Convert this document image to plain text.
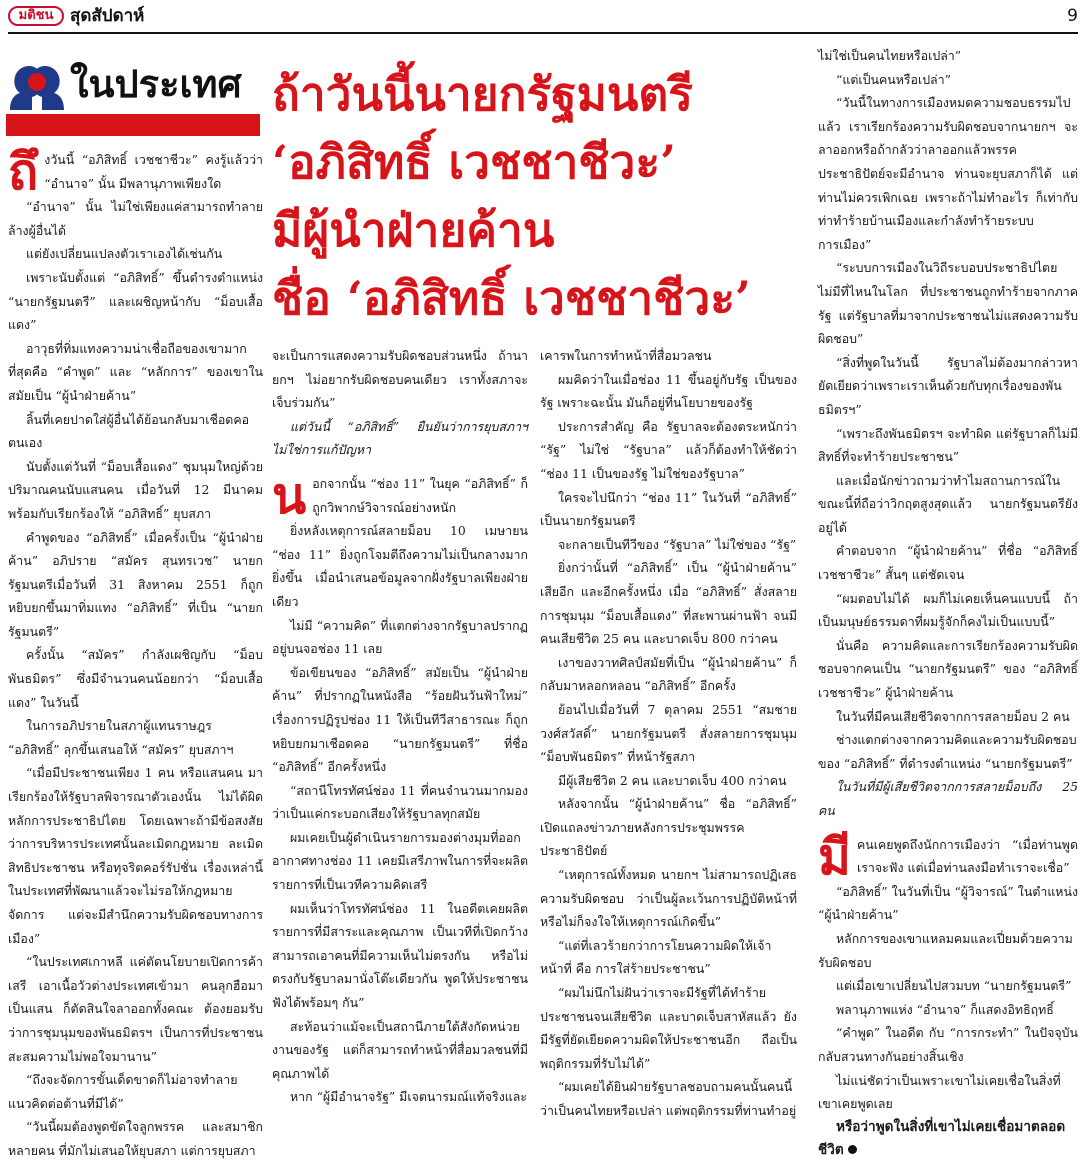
มติชน สุดสัปดาห์	9
ในประเทศ ถ้าวันนี้นายกรัฐมนตรี
‘อภิสิทธิ์ เวชชาชีวะ’
มีผู้นำฝ่ายค้าน
ชื่อ ‘อภิสิทธิ์ เวชชาชีวะ’

ถึงวันนี้ “อภิสิทธิ์ เวชชาชีวะ” คงรู้แล้วว่า “อำนาจ” นั้น มีพลานุภาพเพียงใด

“อำนาจ” นั้น ไม่ใช่เพียงแค่สามารถทำลายล้างผู้อื่นได้

แต่ยังเปลี่ยนแปลงตัวเราเองได้เช่นกัน

เพราะนับตั้งแต่ “อภิสิทธิ์” ขึ้นดำรงตำแหน่ง “นายกรัฐมนตรี” และเผชิญหน้ากับ “ม็อบเสื้อแดง”

อาวุธที่ทิ่มแทงความน่าเชื่อถือของเขามากที่สุดคือ “คำพูด” และ “หลักการ” ของเขาในสมัยเป็น “ผู้นำฝ่ายค้าน”

ลิ้นที่เคยปาดใส่ผู้อื่นได้ย้อนกลับมาเชือดคอตนเอง

นับตั้งแต่วันที่ “ม็อบเสื้อแดง” ชุมนุมใหญ่ด้วยปริมาณคนนับแสนคน เมื่อวันที่ 12 มีนาคม พร้อมกับเรียกร้องให้ “อภิสิทธิ์” ยุบสภา

คำพูดของ “อภิสิทธิ์” เมื่อครั้งเป็น “ผู้นำฝ่ายค้าน” อภิปราย “สมัคร สุนทรเวช” นายกรัฐมนตรีเมื่อวันที่ 31 สิงหาคม 2551 ก็ถูกหยิบยกขึ้นมาทิ่มแทง “อภิสิทธิ์” ที่เป็น “นายกรัฐมนตรี”

ครั้งนั้น “สมัคร” กำลังเผชิญกับ “ม็อบพันธมิตร” ซึ่งมีจำนวนคนน้อยกว่า “ม็อบเสื้อแดง” ในวันนี้

ในการอภิปรายในสภาผู้แทนราษฎร “อภิสิทธิ์” ลุกขึ้นเสนอให้ “สมัคร” ยุบสภาฯ

“เมื่อมีประชาชนเพียง 1 คน หรือแสนคน มาเรียกร้องให้รัฐบาลพิจารณาตัวเองนั้น ไม่ได้ผิดหลักการประชาธิปไตย โดยเฉพาะถ้ามีข้อสงสัยว่าการบริหารประเทศนั้นละเมิดกฎหมาย ละเมิดสิทธิประชาชน หรือทุจริตคอร์รัปชั่น เรื่องเหล่านี้ในประเทศที่พัฒนาแล้วจะไม่รอให้กฎหมายจัดการ แต่จะมีสำนึกความรับผิดชอบทางการเมือง”

“ในประเทศเกาหลี แค่ตัดนโยบายเปิดการค้าเสรี เอาเนื้อวัวต่างประเทศเข้ามา คนลุกฮือมาเป็นแสน ก็ตัดสินใจลาออกทั้งคณะ ต้องยอมรับว่าการชุมนุมของพันธมิตรฯ เป็นการที่ประชาชนสะสมความไม่พอใจมานาน”

“ถึงจะจัดการขั้นเด็ดขาดก็ไม่อาจทำลายแนวคิดต่อต้านที่มีได้”

“วันนี้ผมต้องพูดขัดใจลูกพรรค และสมาชิกหลายคน ที่มักไม่เสนอให้ยุบสภา แต่การยุบสภา

จะเป็นการแสดงความรับผิดชอบส่วนหนึ่ง ถ้านายกฯ ไม่อยากรับผิดชอบคนเดียว เราทั้งสภาจะเจ็บร่วมกัน”

แต่วันนี้ “อภิสิทธิ์” ยืนยันว่าการยุบสภาฯ ไม่ใช่การแก้ปัญหา

นอกจากนั้น “ช่อง 11” ในยุค “อภิสิทธิ์” ก็ถูกวิพากษ์วิจารณ์อย่างหนัก

ยิ่งหลังเหตุการณ์สลายม็อบ 10 เมษายน “ช่อง 11” ยิ่งถูกโจมตีถึงความไม่เป็นกลางมากยิ่งขึ้น เมื่อนำเสนอข้อมูลจากฝั่งรัฐบาลเพียงฝ่ายเดียว

ไม่มี “ความคิด” ที่แตกต่างจากรัฐบาลปรากฏอยู่บนจอช่อง 11 เลย

ข้อเขียนของ “อภิสิทธิ์” สมัยเป็น “ผู้นำฝ่ายค้าน” ที่ปรากฏในหนังสือ “ร้อยฝันวันฟ้าใหม่” เรื่องการปฏิรูปช่อง 11 ให้เป็นทีวีสาธารณะ ก็ถูกหยิบยกมาเชือดคอ “นายกรัฐมนตรี” ที่ชื่อ “อภิสิทธิ์” อีกครั้งหนึ่ง

“สถานีโทรทัศน์ช่อง 11 ที่คนจำนวนมากมองว่าเป็นแค่กระบอกเสียงให้รัฐบาลทุกสมัย

ผมเคยเป็นผู้ดำเนินรายการมองต่างมุมที่ออกอากาศทางช่อง 11 เคยมีเสรีภาพในการที่จะผลิตรายการที่เป็นเวทีความคิดเสรี

ผมเห็นว่าโทรทัศน์ช่อง 11 ในอดีตเคยผลิตรายการที่มีสาระและคุณภาพ เป็นเวทีที่เปิดกว้างสามารถเอาคนที่มีความเห็นไม่ตรงกัน หรือไม่ตรงกับรัฐบาลมานั่งโต๊ะเดียวกัน พูดให้ประชาชนฟังได้พร้อมๆ กัน”

สะท้อนว่าแม้จะเป็นสถานีภายใต้สังกัดหน่วยงานของรัฐ แต่ก็สามารถทำหน้าที่สื่อมวลชนที่มีคุณภาพได้

หาก “ผู้มีอำนาจรัฐ” มีเจตนารมณ์แท้จริงและ

เคารพในการทำหน้าที่สื่อมวลชน

ผมคิดว่าในเมื่อช่อง 11 ขึ้นอยู่กับรัฐ เป็นของรัฐ เพราะฉะนั้น มันก็อยู่ที่นโยบายของรัฐ

ประการสำคัญ คือ รัฐบาลจะต้องตระหนักว่า “รัฐ” ไม่ใช่ “รัฐบาล” แล้วก็ต้องทำให้ชัดว่า “ช่อง 11 เป็นของรัฐ ไม่ใช่ของรัฐบาล”

ใครจะไปนึกว่า “ช่อง 11” ในวันที่ “อภิสิทธิ์” เป็นนายกรัฐมนตรี

จะกลายเป็นทีวีของ “รัฐบาล” ไม่ใช่ของ “รัฐ”

ยิ่งกว่านั้นที่ “อภิสิทธิ์” เป็น “ผู้นำฝ่ายค้าน” เสียอีก และอีกครั้งหนึ่ง เมื่อ “อภิสิทธิ์” สั่งสลายการชุมนุม “ม็อบเสื้อแดง” ที่สะพานผ่านฟ้า จนมีคนเสียชีวิต 25 คน และบาดเจ็บ 800 กว่าคน

เงาของวาทศิลป์สมัยที่เป็น “ผู้นำฝ่ายค้าน” ก็กลับมาหลอกหลอน “อภิสิทธิ์” อีกครั้ง

ย้อนไปเมื่อวันที่ 7 ตุลาคม 2551 “สมชาย วงศ์สวัสดิ์” นายกรัฐมนตรี สั่งสลายการชุมนุม “ม็อบพันธมิตร” ที่หน้ารัฐสภา

มีผู้เสียชีวิต 2 คน และบาดเจ็บ 400 กว่าคน

หลังจากนั้น “ผู้นำฝ่ายค้าน” ชื่อ “อภิสิทธิ์” เปิดแถลงข่าวภายหลังการประชุมพรรคประชาธิปัตย์

“เหตุการณ์ทั้งหมด นายกฯ ไม่สามารถปฏิเสธความรับผิดชอบ ว่าเป็นผู้ละเว้นการปฏิบัติหน้าที่ หรือไม่ก็จงใจให้เหตุการณ์เกิดขึ้น”

“แต่ที่เลวร้ายกว่าการโยนความผิดให้เจ้าหน้าที่ คือ การใส่ร้ายประชาชน”

“ผมไม่นึกไม่ฝันว่าเราจะมีรัฐที่ได้ทำร้ายประชาชนจนเสียชีวิต และบาดเจ็บสาหัสแล้ว ยังมีรัฐที่ยัดเยียดความผิดให้ประชาชนอีก ถือเป็นพฤติกรรมที่รับไม่ได้”

“ผมเคยได้ยินฝ่ายรัฐบาลชอบถามคนนั้นคนนี้ว่าเป็นคนไทยหรือเปล่า แต่พฤติกรรมที่ท่านทำอยู่

ไม่ใช่เป็นคนไทยหรือเปล่า”

“แต่เป็นคนหรือเปล่า”

“วันนี้ในทางการเมืองหมดความชอบธรรมไปแล้ว เราเรียกร้องความรับผิดชอบจากนายกฯ จะลาออกหรือถ้ากลัวว่าลาออกแล้วพรรคประชาธิปัตย์จะมีอำนาจ ท่านจะยุบสภาก็ได้ แต่ท่านไม่ควรเพิกเฉย เพราะถ้าไม่ทำอะไร ก็เท่ากับท่าทำร้ายบ้านเมืองและกำลังทำร้ายระบบการเมือง”

“ระบบการเมืองในวิถีระบอบประชาธิปไตยไม่มีที่ไหนในโลก ที่ประชาชนถูกทำร้ายจากภาครัฐ แต่รัฐบาลที่มาจากประชาชนไม่แสดงความรับผิดชอบ”

“สิ่งที่พูดในวันนี้ รัฐบาลไม่ต้องมากล่าวหายัดเยียดว่าเพราะเราเห็นด้วยกับทุกเรื่องของพันธมิตรฯ”

“เพราะถึงพันธมิตรฯ จะทำผิด แต่รัฐบาลก็ไม่มีสิทธิ์ที่จะทำร้ายประชาชน”

และเมื่อนักข่าวถามว่าทำไมสถานการณ์ในขณะนี้ที่ถือว่าวิกฤตสูงสุดแล้ว นายกรัฐมนตรียังอยู่ได้

คำตอบจาก “ผู้นำฝ่ายค้าน” ที่ชื่อ “อภิสิทธิ์ เวชชาชีวะ” สั้นๆ แต่ชัดเจน

“ผมตอบไม่ได้ ผมก็ไม่เคยเห็นคนแบบนี้ ถ้าเป็นมนุษย์ธรรมดาที่ผมรู้จักก็คงไม่เป็นแบบนี้”

นั่นคือ ความคิดและการเรียกร้องความรับผิดชอบจากคนเป็น “นายกรัฐมนตรี” ของ “อภิสิทธิ์ เวชชาชีวะ” ผู้นำฝ่ายค้าน

ในวันที่มีคนเสียชีวิตจากการสลายม็อบ 2 คน

ช่างแตกต่างจากความคิดและความรับผิดชอบของ “อภิสิทธิ์” ที่ดำรงตำแหน่ง “นายกรัฐมนตรี”

ในวันที่มีผู้เสียชีวิตจากการสลายม็อบถึง 25 คน

มีคนเคยพูดถึงนักการเมืองว่า “เมื่อท่านพูดเราจะฟัง แต่เมื่อท่านลงมือทำเราจะเชื่อ”

“อภิสิทธิ์” ในวันที่เป็น “ผู้วิจารณ์” ในตำแหน่ง “ผู้นำฝ่ายค้าน”

หลักการของเขาแหลมคมและเปี่ยมด้วยความรับผิดชอบ

แต่เมื่อเขาเปลี่ยนไปสวมบท “นายกรัฐมนตรี”

พลานุภาพแห่ง “อำนาจ” ก็แสดงอิทธิฤทธิ์

“คำพูด” ในอดีต กับ “การกระทำ” ในปัจจุบันกลับสวนทางกันอย่างสิ้นเชิง

ไม่แน่ชัดว่าเป็นเพราะเขาไม่เคยเชื่อในสิ่งที่เขาเคยพูดเลย

หรือว่าพูดในสิ่งที่เขาไม่เคยเชื่อมาตลอดชีวิต
